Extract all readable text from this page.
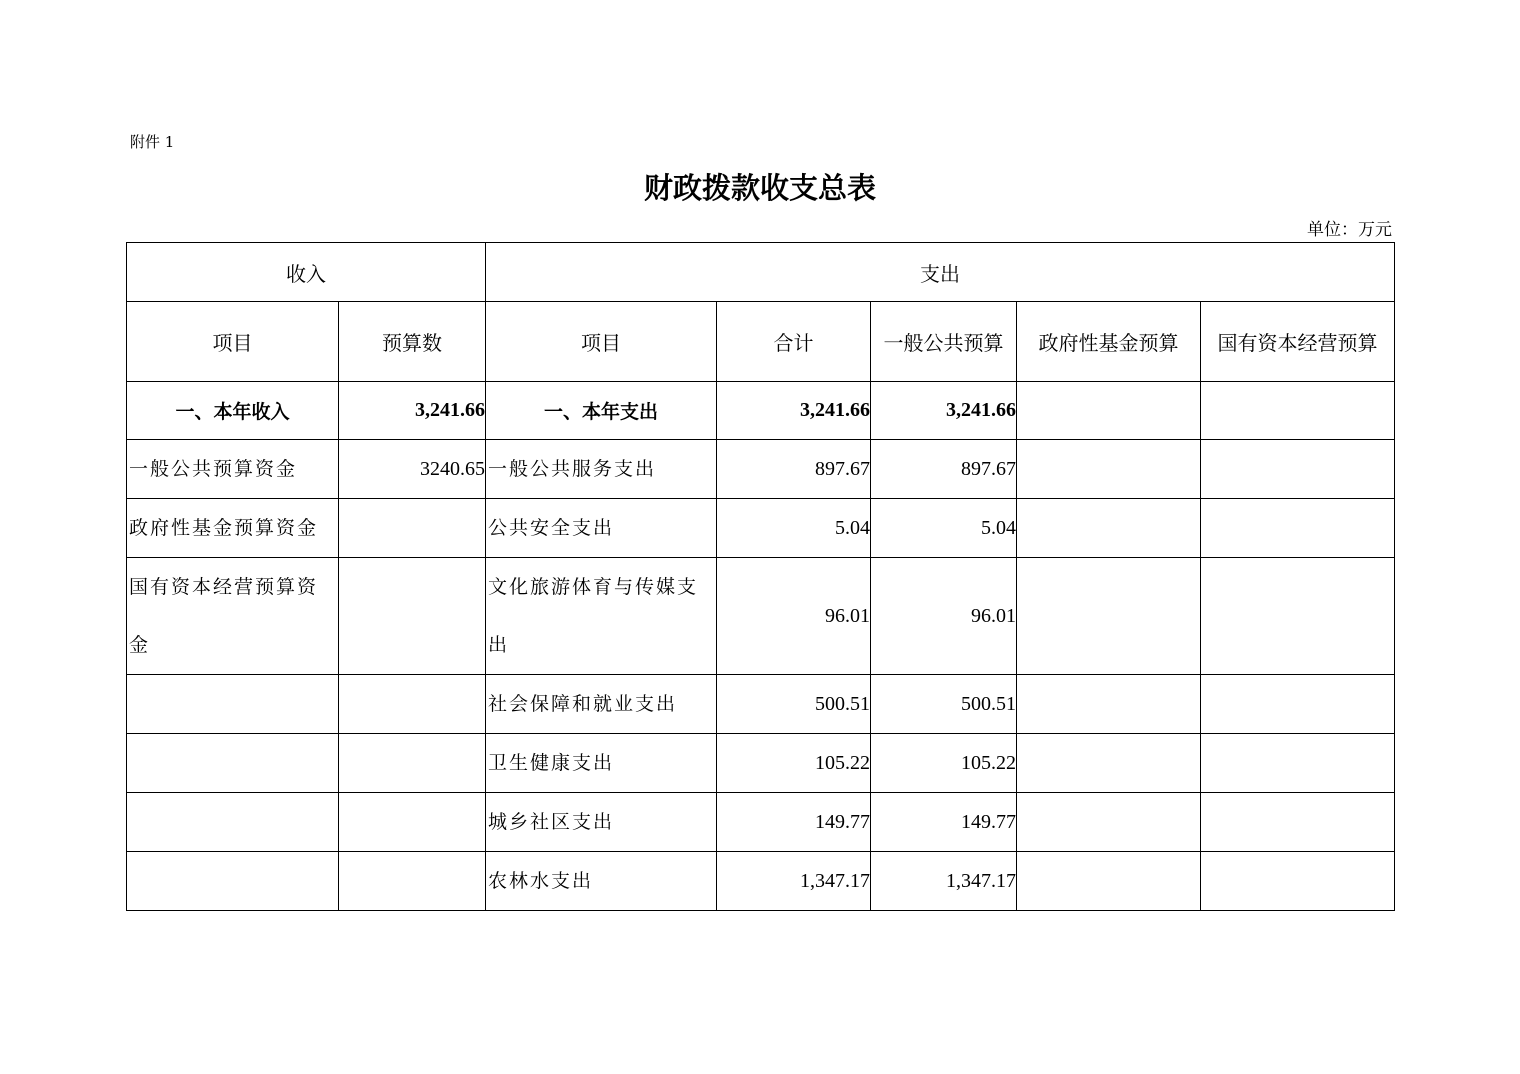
附件 1
财政拨款收支总表
单位：万元
收入		支出				
项目	预算数	项目	合计	一般公共预算	政府性基金预算	国有资本经营预算
一、本年收入	3,241.66	一、本年支出	3,241.66	3,241.66		
一般公共预算资金	3240.65	一般公共服务支出	897.67	897.67		
政府性基金预算资金		公共安全支出	5.04	5.04		
国有资本经营预算资金		文化旅游体育与传媒支出	96.01	96.01		
		社会保障和就业支出	500.51	500.51		
		卫生健康支出	105.22	105.22		
		城乡社区支出	149.77	149.77		
		农林水支出	1,347.17	1,347.17		
